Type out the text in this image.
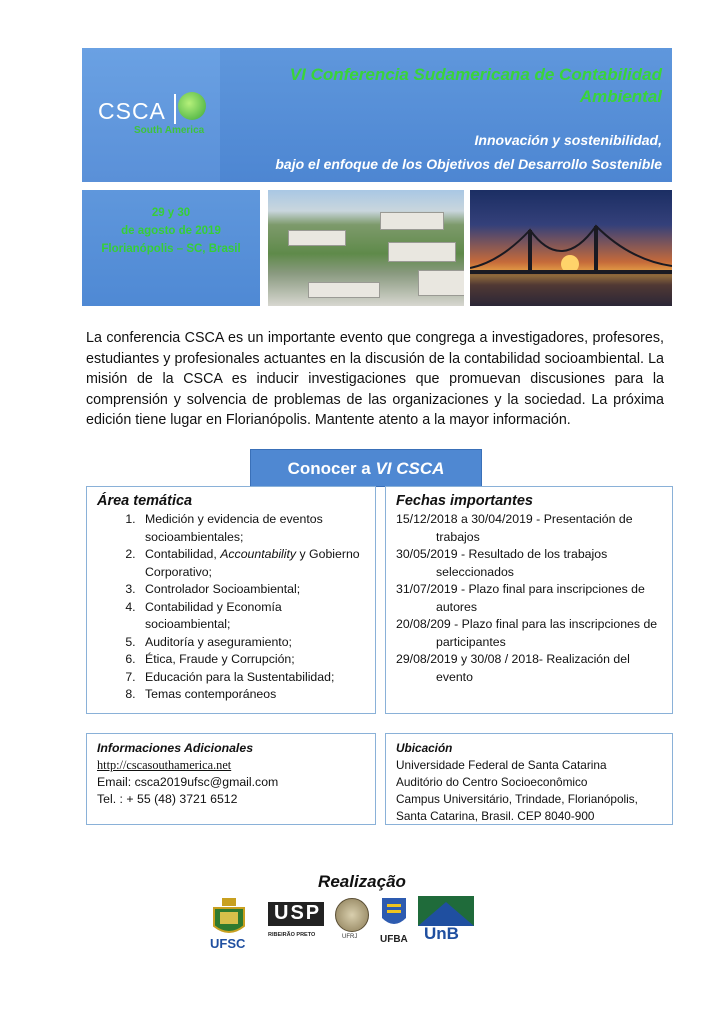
CSCA
South America
VI Conferencia Sudamericana de Contabilidad
Ambiental
Innovación y sostenibilidad,
bajo el enfoque de los Objetivos del Desarrollo Sostenible
29 y 30
de agosto de 2019
Florianópolis – SC, Brasil
La conferencia CSCA es un importante evento que congrega a investigadores, profesores, estudiantes y profesionales actuantes en la discusión de la contabilidad socioambiental. La misión de la CSCA es inducir investigaciones que promuevan discusiones para la comprensión y solvencia de problemas de las organizaciones y la sociedad. La próxima edición tiene lugar en Florianópolis. Mantente atento a la mayor información.
Conocer a VI CSCA
Área temática
1. Medición y evidencia de eventos socioambientales;
2. Contabilidad, Accountability y Gobierno Corporativo;
3. Controlador Socioambiental;
4. Contabilidad y Economía socioambiental;
5. Auditoría y aseguramiento;
6. Ética, Fraude y Corrupción;
7. Educación para la Sustentabilidad;
8. Temas contemporáneos
Fechas importantes
15/12/2018 a 30/04/2019 - Presentación de trabajos
30/05/2019 - Resultado de los trabajos seleccionados
31/07/2019 - Plazo final para inscripciones de autores
20/08/209 - Plazo final para las inscripciones de participantes
29/08/2019 y 30/08 / 2018- Realización del evento
Informaciones Adicionales
http://cscasouthamerica.net
Email: csca2019ufsc@gmail.com
Tel. : + 55 (48) 3721 6512
Ubicación
Universidade Federal de Santa Catarina
Auditório do Centro Socioeconômico
Campus Universitário, Trindade, Florianópolis,
Santa Catarina, Brasil. CEP 8040-900
Realização
UFSC
USP
RIBEIRÃO PRETO	UFRJ UFBA UnB
